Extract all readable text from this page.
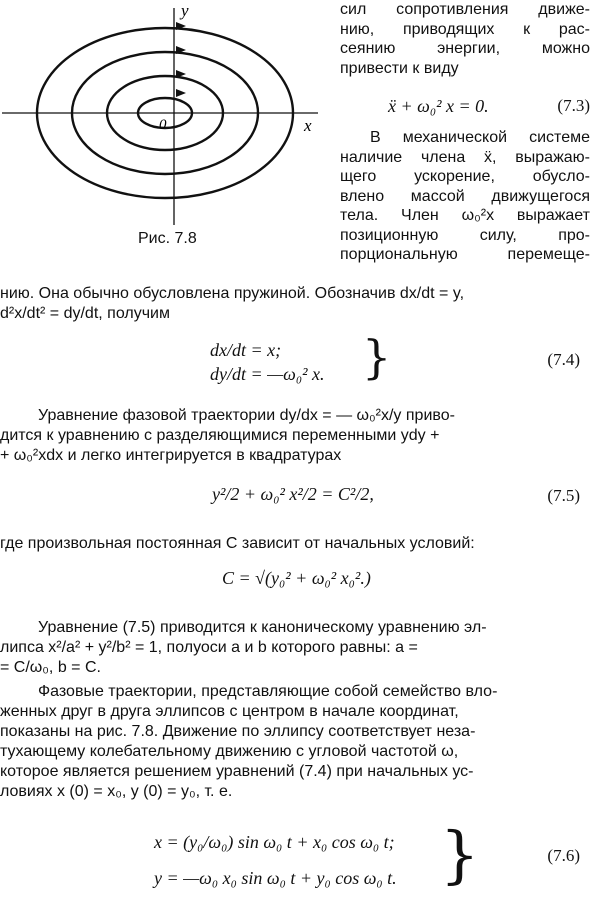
y
x
0
Рис. 7.8
сил сопротивления движе-
нию, приводящих к рас-
сеянию энергии, можно
привести к виду
ẍ + ω₀² x = 0.	(7.3)
В механической системе
наличие члена ẍ, выражаю-
щего ускорение, обусло-
влено массой движущегося
тела. Член ω₀²x выражает
позиционную силу, про-
порциональную перемеще-
нию. Она обычно обусловлена пружиной. Обозначив dx/dt = y,
d²x/dt² = dy/dt, получим
dx/dt = x;
dy/dt = —ω₀² x. }	(7.4)
Уравнение фазовой траектории dy/dx = — ω₀²x/y приво-
дится к уравнению с разделяющимися переменными ydy +
+ ω₀²xdx и легко интегрируется в квадратурах
y²/2 + ω₀² x²/2 = C²/2,	(7.5)
где произвольная постоянная C зависит от начальных условий:
C = √(y₀² + ω₀² x₀².)
Уравнение (7.5) приводится к каноническому уравнению эл-
липса x²/a² + y²/b² = 1, полуоси a и b которого равны: a =
= C/ω₀, b = C.
Фазовые траектории, представляющие собой семейство вло-
женных друг в друга эллипсов с центром в начале координат,
показаны на рис. 7.8. Движение по эллипсу соответствует неза-
тухающему колебательному движению с угловой частотой ω,
которое является решением уравнений (7.4) при начальных ус-
ловиях x (0) = x₀, y (0) = y₀, т. е.
x = (y₀/ω₀) sin ω₀ t + x₀ cos ω₀ t;
y = —ω₀ x₀ sin ω₀ t + y₀ cos ω₀ t. }	(7.6)
